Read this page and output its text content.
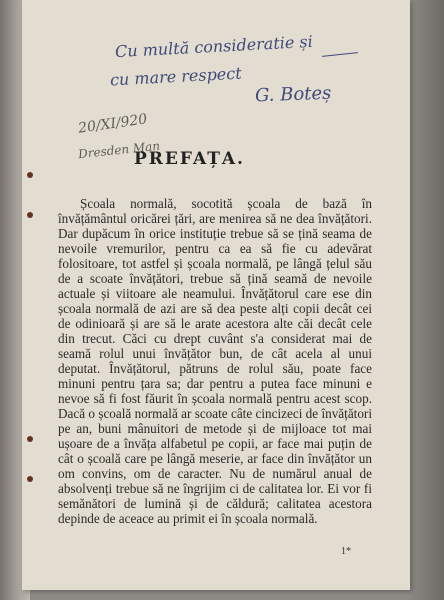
Cu multă consideratie și
cu mare respect
G. Boteș
20/XI/920
Dresden Man
PREFAȚA.

Școala normală, socotită școala de bază în învățământul oricărei țări, are menirea să ne dea învățători. Dar dupăcum în orice instituție trebue să se țină seama de nevoile vremurilor, pentru ca ea să fie cu adevărat folositoare, tot astfel și școala normală, pe lângă țelul său de a scoate învățători, trebue să țină seamă de nevoile actuale și viitoare ale neamului. Învățătorul care ese din școala normală de azi are să dea peste alți copii decât cei de odinioară și are să le arate acestora alte căi decât cele din trecut. Căci cu drept cuvânt s'a considerat mai de seamă rolul unui învățător bun, de cât acela al unui deputat. Învățătorul, pătruns de rolul său, poate face minuni pentru țara sa; dar pentru a putea face minuni e nevoe să fi fost făurit în școala normală pentru acest scop. Dacă o școală normală ar scoate câte cincizeci de învățători pe an, buni mânuitori de metode și de mijloace tot mai ușoare de a învăța alfabetul pe copii, ar face mai puțin de cât o școală care pe lângă meserie, ar face din învățător un om convins, om de caracter. Nu de numărul anual de absolvenți trebue să ne îngrijim ci de calitatea lor. Ei vor fi semănători de lumină și de căldură; calitatea acestora depinde de aceace au primit ei în școala normală.

1*
